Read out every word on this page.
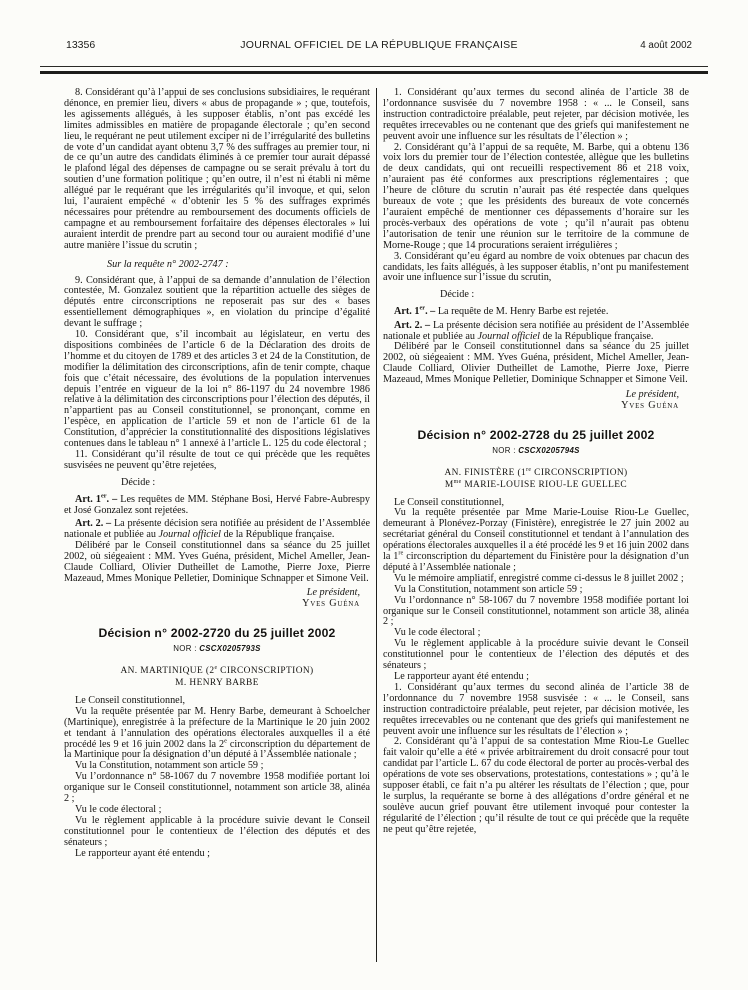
13356	JOURNAL OFFICIEL DE LA RÉPUBLIQUE FRANÇAISE	4 août 2002
8. Considérant qu’à l’appui de ses conclusions subsidiaires, le requérant dénonce, en premier lieu, divers « abus de propagande » ; que, toutefois, les agissements allégués, à les supposer établis, n’ont pas excédé les limites admissibles en matière de propagande électorale ; qu’en second lieu, le requérant ne peut utilement exciper ni de l’irrégularité des bulletins de vote d’un candidat ayant obtenu 3,7 % des suffrages au premier tour, ni de ce qu’un autre des candidats éliminés à ce premier tour aurait dépassé le plafond légal des dépenses de campagne ou se serait prévalu à tort du soutien d’une formation politique ; qu’en outre, il n’est ni établi ni même allégué par le requérant que les irrégularités qu’il invoque, et qui, selon lui, l’auraient empêché « d’obtenir les 5 % des suffrages exprimés nécessaires pour prétendre au remboursement des documents officiels de campagne et au remboursement forfaitaire des dépenses électorales » lui auraient interdit de prendre part au second tour ou auraient modifié d’une autre manière l’issue du scrutin ;
Sur la requête n° 2002-2747 :
9. Considérant que, à l’appui de sa demande d’annulation de l’élection contestée, M. Gonzalez soutient que la répartition actuelle des sièges de députés entre circonscriptions ne reposerait pas sur des « bases essentiellement démographiques », en violation du principe d’égalité devant le suffrage ;
10. Considérant que, s’il incombait au législateur, en vertu des dispositions combinées de l’article 6 de la Déclaration des droits de l’homme et du citoyen de 1789 et des articles 3 et 24 de la Constitution, de modifier la délimitation des circonscriptions, afin de tenir compte, chaque fois que c’était nécessaire, des évolutions de la population intervenues depuis l’entrée en vigueur de la loi n° 86-1197 du 24 novembre 1986 relative à la délimitation des circonscriptions pour l’élection des députés, il n’appartient pas au Conseil constitutionnel, se prononçant, comme en l’espèce, en application de l’article 59 et non de l’article 61 de la Constitution, d’apprécier la constitutionnalité des dispositions législatives contenues dans le tableau n° 1 annexé à l’article L. 125 du code électoral ;
11. Considérant qu’il résulte de tout ce qui précède que les requêtes susvisées ne peuvent qu’être rejetées,
Décide :
Art. 1er. – Les requêtes de MM. Stéphane Bosi, Hervé Fabre-Aubrespy et José Gonzalez sont rejetées.
Art. 2. – La présente décision sera notifiée au président de l’Assemblée nationale et publiée au Journal officiel de la République française.
Délibéré par le Conseil constitutionnel dans sa séance du 25 juillet 2002, où siégeaient : MM. Yves Guéna, président, Michel Ameller, Jean-Claude Colliard, Olivier Dutheillet de Lamothe, Pierre Joxe, Pierre Mazeaud, Mmes Monique Pelletier, Dominique Schnapper et Simone Veil.
Le président,
Yves Guéna
Décision n° 2002-2720 du 25 juillet 2002
NOR : CSCX0205793S
AN. MARTINIQUE (2e CIRCONSCRIPTION)
M. HENRY BARBE
Le Conseil constitutionnel,
Vu la requête présentée par M. Henry Barbe, demeurant à Schoelcher (Martinique), enregistrée à la préfecture de la Martinique le 20 juin 2002 et tendant à l’annulation des opérations électorales auxquelles il a été procédé les 9 et 16 juin 2002 dans la 2e circonscription du département de la Martinique pour la désignation d’un député à l’Assemblée nationale ;
Vu la Constitution, notamment son article 59 ;
Vu l’ordonnance n° 58-1067 du 7 novembre 1958 modifiée portant loi organique sur le Conseil constitutionnel, notamment son article 38, alinéa 2 ;
Vu le code électoral ;
Vu le règlement applicable à la procédure suivie devant le Conseil constitutionnel pour le contentieux de l’élection des députés et des sénateurs ;
Le rapporteur ayant été entendu ;
1. Considérant qu’aux termes du second alinéa de l’article 38 de l’ordonnance susvisée du 7 novembre 1958 : « ... le Conseil, sans instruction contradictoire préalable, peut rejeter, par décision motivée, les requêtes irrecevables ou ne contenant que des griefs qui manifestement ne peuvent avoir une influence sur les résultats de l’élection » ;
2. Considérant qu’à l’appui de sa requête, M. Barbe, qui a obtenu 136 voix lors du premier tour de l’élection contestée, allègue que les bulletins de deux candidats, qui ont recueilli respectivement 86 et 218 voix, n’auraient pas été conformes aux prescriptions réglementaires ; que l’heure de clôture du scrutin n’aurait pas été respectée dans quelques bureaux de vote ; que les présidents des bureaux de vote concernés l’auraient empêché de mentionner ces dépassements d’horaire sur les procès-verbaux des opérations de vote ; qu’il n’aurait pas obtenu l’autorisation de tenir une réunion sur le territoire de la commune de Morne-Rouge ; que 14 procurations seraient irrégulières ;
3. Considérant qu’eu égard au nombre de voix obtenues par chacun des candidats, les faits allégués, à les supposer établis, n’ont pu manifestement avoir une influence sur l’issue du scrutin,
Décide :
Art. 1er. – La requête de M. Henry Barbe est rejetée.
Art. 2. – La présente décision sera notifiée au président de l’Assemblée nationale et publiée au Journal officiel de la République française.
Délibéré par le Conseil constitutionnel dans sa séance du 25 juillet 2002, où siégeaient : MM. Yves Guéna, président, Michel Ameller, Jean-Claude Colliard, Olivier Dutheillet de Lamothe, Pierre Joxe, Pierre Mazeaud, Mmes Monique Pelletier, Dominique Schnapper et Simone Veil.
Le président,
Yves Guéna
Décision n° 2002-2728 du 25 juillet 2002
NOR : CSCX0205794S
AN. FINISTÈRE (1re CIRCONSCRIPTION)
$M^{me}$ MARIE-LOUISE RIOU-LE GUELLEC
Le Conseil constitutionnel,
Vu la requête présentée par Mme Marie-Louise Riou-Le Guellec, demeurant à Plonévez-Porzay (Finistère), enregistrée le 27 juin 2002 au secrétariat général du Conseil constitutionnel et tendant à l’annulation des opérations électorales auxquelles il a été procédé les 9 et 16 juin 2002 dans la 1re circonscription du département du Finistère pour la désignation d’un député à l’Assemblée nationale ;
Vu le mémoire ampliatif, enregistré comme ci-dessus le 8 juillet 2002 ;
Vu la Constitution, notamment son article 59 ;
Vu l’ordonnance n° 58-1067 du 7 novembre 1958 modifiée portant loi organique sur le Conseil constitutionnel, notamment son article 38, alinéa 2 ;
Vu le code électoral ;
Vu le règlement applicable à la procédure suivie devant le Conseil constitutionnel pour le contentieux de l’élection des députés et des sénateurs ;
Le rapporteur ayant été entendu ;
1. Considérant qu’aux termes du second alinéa de l’article 38 de l’ordonnance du 7 novembre 1958 susvisée : « ... le Conseil, sans instruction contradictoire préalable, peut rejeter, par décision motivée, les requêtes irrecevables ou ne contenant que des griefs qui manifestement ne peuvent avoir une influence sur les résultats de l’élection » ;
2. Considérant qu’à l’appui de sa contestation Mme Riou-Le Guellec fait valoir qu’elle a été « privée arbitrairement du droit consacré pour tout candidat par l’article L. 67 du code électoral de porter au procès-verbal des opérations de vote ses observations, protestations, contestations » ; qu’à le supposer établi, ce fait n’a pu altérer les résultats de l’élection ; que, pour le surplus, la requérante se borne à des allégations d’ordre général et ne soulève aucun grief pouvant être utilement invoqué pour contester la régularité de l’élection ; qu’il résulte de tout ce qui précède que la requête ne peut qu’être rejetée,
